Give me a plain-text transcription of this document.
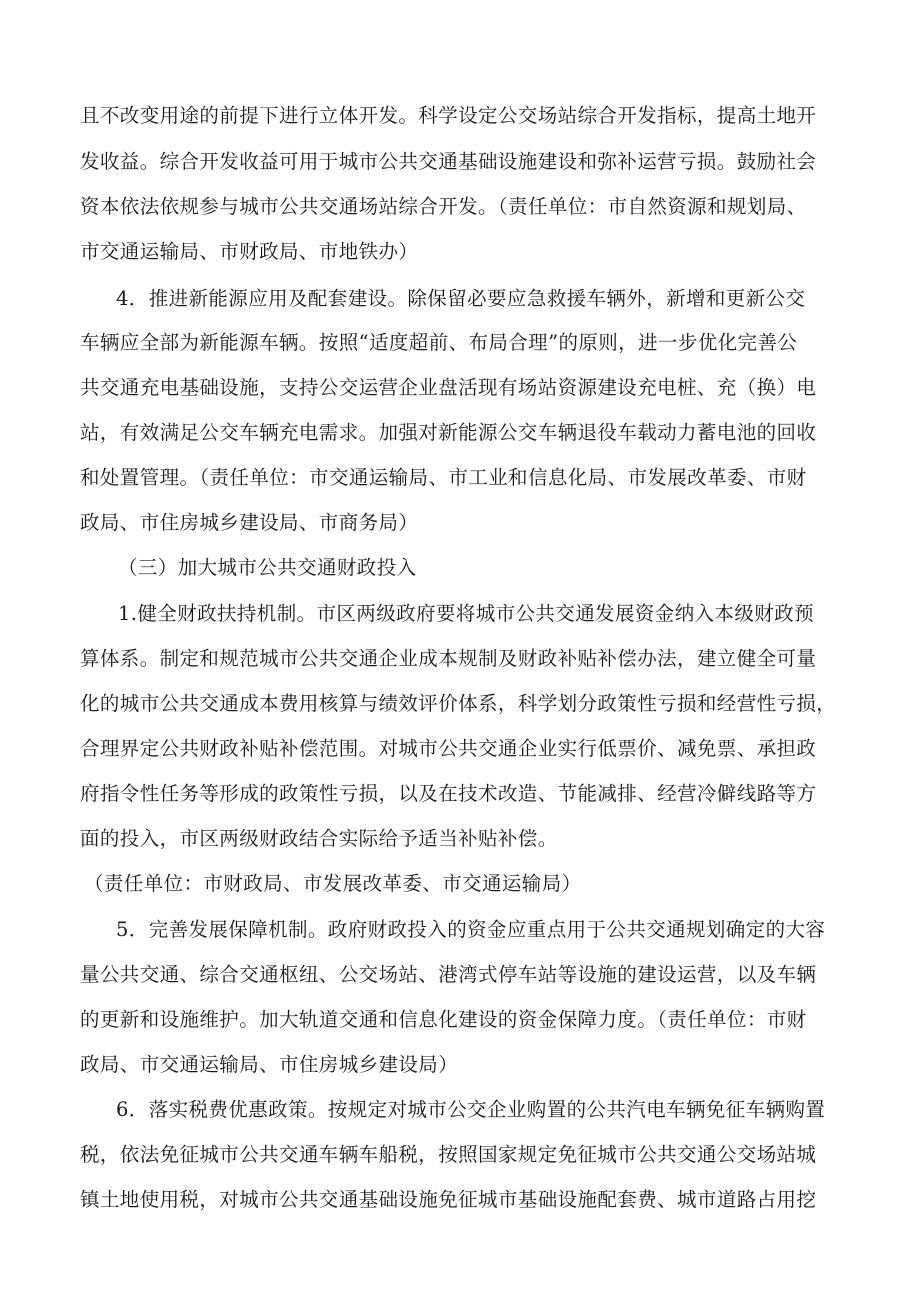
且不改变用途的前提下进行立体开发。科学设定公交场站综合开发指标，提高土地开
发收益。综合开发收益可用于城市公共交通基础设施建设和弥补运营亏损。鼓励社会
资本依法依规参与城市公共交通场站综合开发。（责任单位：市自然资源和规划局、
市交通运输局、市财政局、市地铁办）
4．推进新能源应用及配套建设。除保留必要应急救援车辆外，新增和更新公交
车辆应全部为新能源车辆。按照“适度超前、布局合理”的原则，进一步优化完善公
共交通充电基础设施，支持公交运营企业盘活现有场站资源建设充电桩、充（换）电
站，有效满足公交车辆充电需求。加强对新能源公交车辆退役车载动力蓄电池的回收
和处置管理。（责任单位：市交通运输局、市工业和信息化局、市发展改革委、市财
政局、市住房城乡建设局、市商务局）
（三）加大城市公共交通财政投入
1.健全财政扶持机制。市区两级政府要将城市公共交通发展资金纳入本级财政预
算体系。制定和规范城市公共交通企业成本规制及财政补贴补偿办法，建立健全可量
化的城市公共交通成本费用核算与绩效评价体系，科学划分政策性亏损和经营性亏损，
合理界定公共财政补贴补偿范围。对城市公共交通企业实行低票价、减免票、承担政
府指令性任务等形成的政策性亏损，以及在技术改造、节能减排、经营冷僻线路等方
面的投入，市区两级财政结合实际给予适当补贴补偿。
（责任单位：市财政局、市发展改革委、市交通运输局）
5．完善发展保障机制。政府财政投入的资金应重点用于公共交通规划确定的大容
量公共交通、综合交通枢纽、公交场站、港湾式停车站等设施的建设运营，以及车辆
的更新和设施维护。加大轨道交通和信息化建设的资金保障力度。（责任单位：市财
政局、市交通运输局、市住房城乡建设局）
6．落实税费优惠政策。按规定对城市公交企业购置的公共汽电车辆免征车辆购置
税，依法免征城市公共交通车辆车船税，按照国家规定免征城市公共交通公交场站城
镇土地使用税，对城市公共交通基础设施免征城市基础设施配套费、城市道路占用挖
